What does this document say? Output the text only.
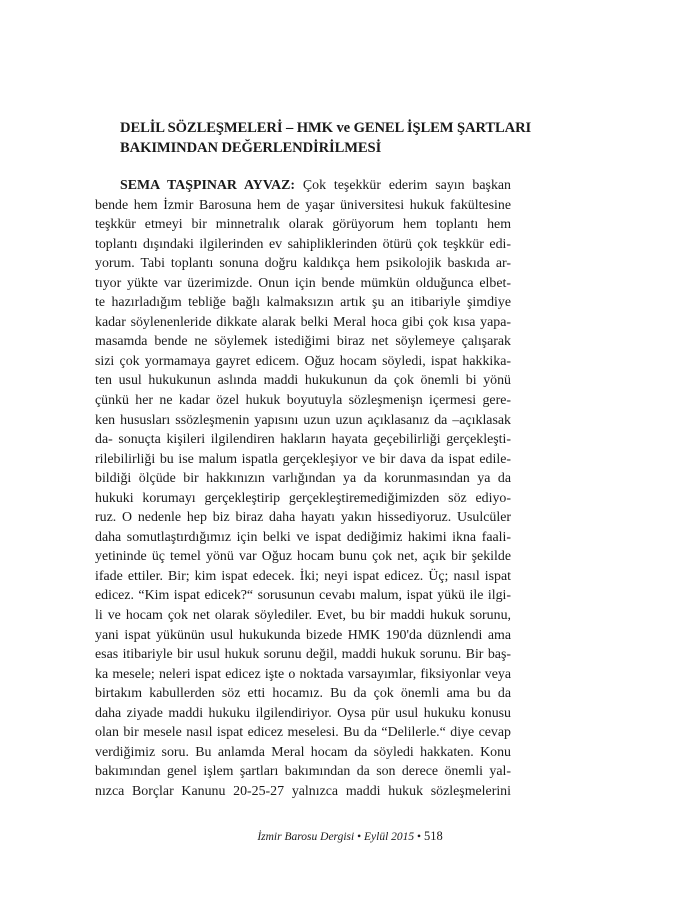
DELİL SÖZLEŞMELERİ – HMK ve GENEL İŞLEM ŞARTLARI
BAKIMINDAN DEĞERLENDİRİLMESİ
SEMA TAŞPINAR AYVAZ: Çok teşekkür ederim sayın başkan
bende hem İzmir Barosuna hem de yaşar üniversitesi hukuk fakültesine
teşkkür etmeyi bir minnetralık olarak görüyorum hem toplantı hem
toplantı dışındaki ilgilerinden ev sahipliklerinden ötürü çok teşkkür edi-
yorum. Tabi toplantı sonuna doğru kaldıkça hem psikolojik baskıda ar-
tıyor yükte var üzerimizde. Onun için bende mümkün olduğunca elbet-
te hazırladığım tebliğe bağlı kalmaksızın artık şu an itibariyle şimdiye
kadar söylenenleride dikkate alarak belki Meral hoca gibi çok kısa yapa-
masamda bende ne söylemek istediğimi biraz net söylemeye çalışarak
sizi çok yormamaya gayret edicem. Oğuz hocam söyledi, ispat hakkika-
ten usul hukukunun aslında maddi hukukunun da çok önemli bi yönü
çünkü her ne kadar özel hukuk boyutuyla sözleşmenişn içermesi gere-
ken hususları ssözleşmenin yapısını uzun uzun açıklasanız da –açıklasak
da- sonuçta kişileri ilgilendiren hakların hayata geçebilirliği gerçekleşti-
rilebilirliği bu ise malum ispatla gerçekleşiyor ve bir dava da ispat edile-
bildiği ölçüde bir hakkınızın varlığından ya da korunmasından ya da
hukuki korumayı gerçekleştirip gerçekleştiremediğimizden söz ediyo-
ruz. O nedenle hep biz biraz daha hayatı yakın hissediyoruz. Usulcüler
daha somutlaştırdığımız için belki ve ispat dediğimiz hakimi ikna faali-
yetininde üç temel yönü var Oğuz hocam bunu çok net, açık bir şekilde
ifade ettiler. Bir; kim ispat edecek. İki; neyi ispat edicez. Üç; nasıl ispat
edicez. “Kim ispat edicek?“ sorusunun cevabı malum, ispat yükü ile ilgi-
li ve hocam çok net olarak söylediler. Evet, bu bir maddi hukuk sorunu,
yani ispat yükünün usul hukukunda bizede HMK 190'da düznlendi ama
esas itibariyle bir usul hukuk sorunu değil, maddi hukuk sorunu. Bir baş-
ka mesele; neleri ispat edicez işte o noktada varsayımlar, fiksiyonlar veya
birtakım kabullerden söz etti hocamız. Bu da çok önemli ama bu da
daha ziyade maddi hukuku ilgilendiriyor. Oysa pür usul hukuku konusu
olan bir mesele nasıl ispat edicez meselesi. Bu da “Delilerle.“ diye cevap
verdiğimiz soru. Bu anlamda Meral hocam da söyledi hakkaten. Konu
bakımından genel işlem şartları bakımından da son derece önemli yal-
nızca Borçlar Kanunu 20-25-27 yalnızca maddi hukuk sözleşmelerini
İzmir Barosu Dergisi • Eylül 2015 • 518
